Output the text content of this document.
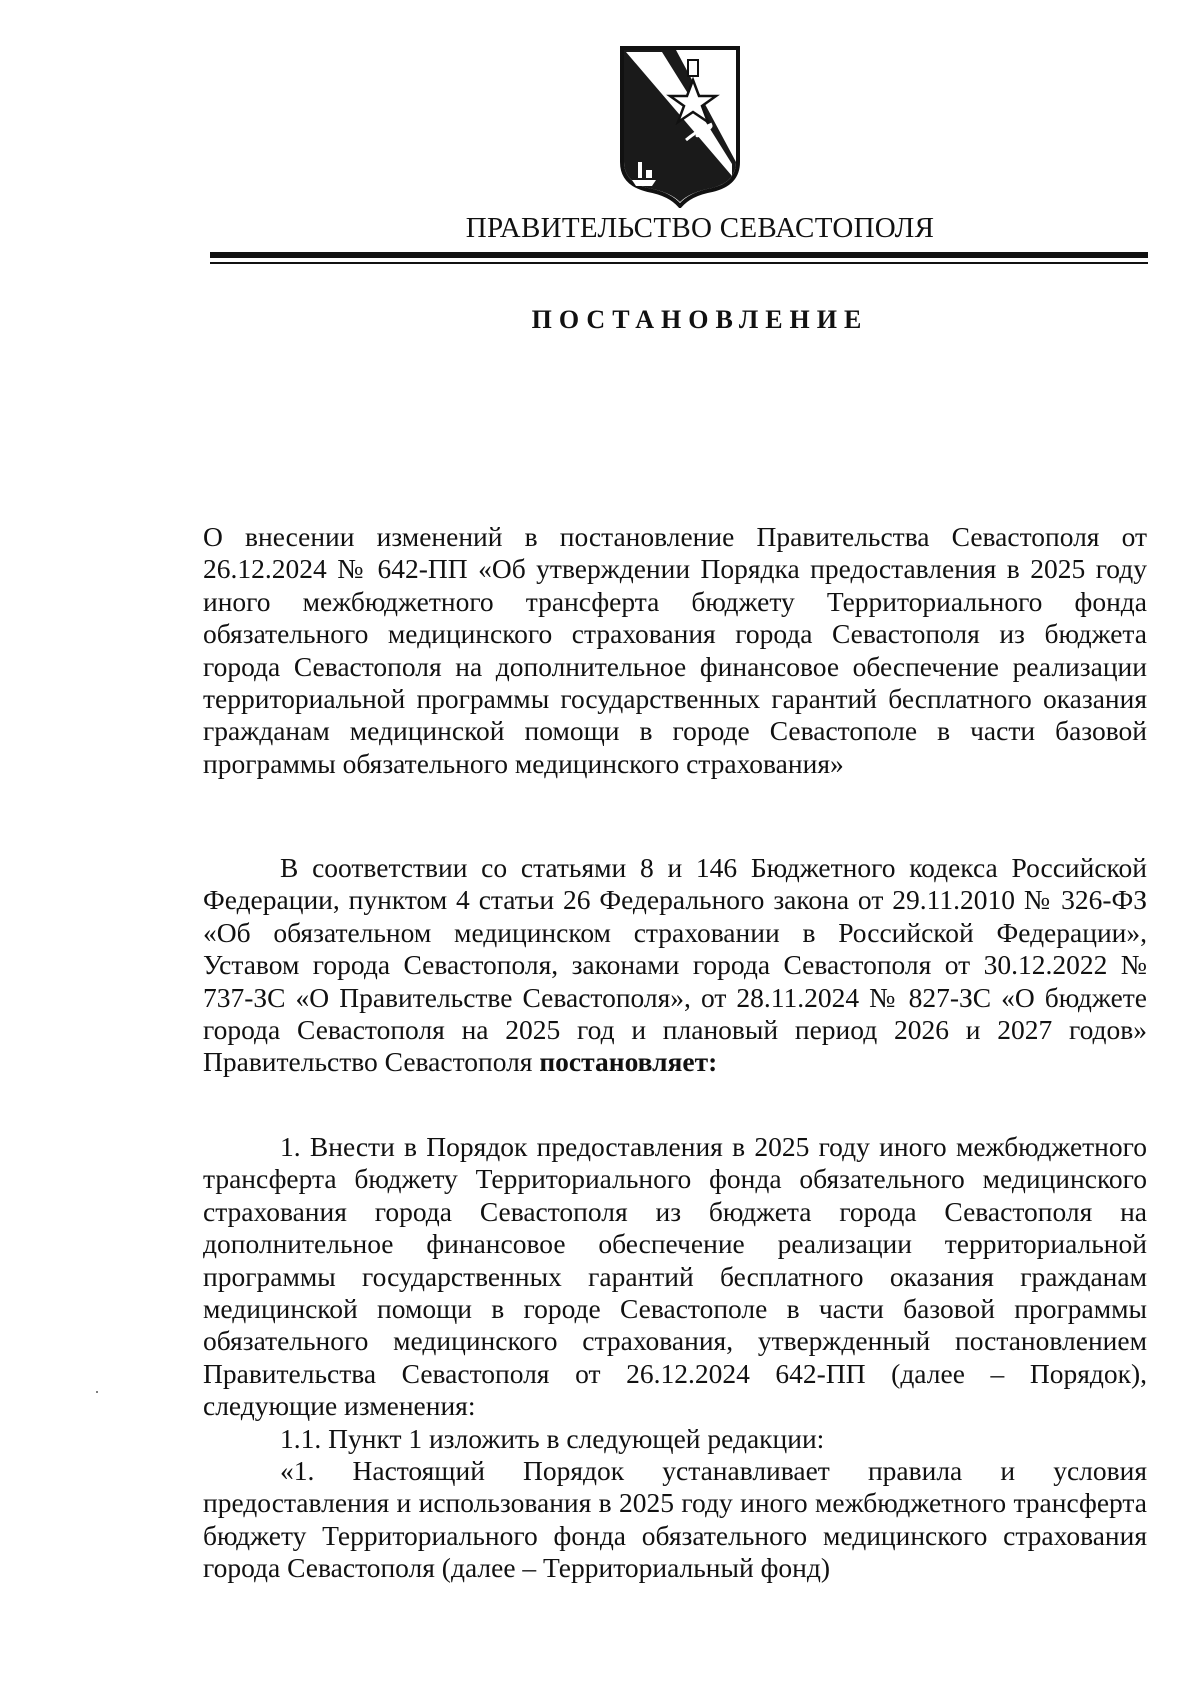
ПРАВИТЕЛЬСТВО СЕВАСТОПОЛЯ
ПОСТАНОВЛЕНИЕ

О внесении изменений в постановление Правительства Севастополя от 26.12.2024 № 642-ПП «Об утверждении Порядка предоставления в 2025 году иного межбюджетного трансферта бюджету Территориального фонда обязательного медицинского страхования города Севастополя из бюджета города Севастополя на дополнительное финансовое обеспечение реализации территориальной программы государственных гарантий бесплатного оказания гражданам медицинской помощи в городе Севастополе в части базовой программы обязательного медицинского страхования»

В соответствии со статьями 8 и 146 Бюджетного кодекса Российской Федерации, пунктом 4 статьи 26 Федерального закона от 29.11.2010 № 326-ФЗ «Об обязательном медицинском страховании в Российской Федерации», Уставом города Севастополя, законами города Севастополя от 30.12.2022 № 737-ЗС «О Правительстве Севастополя», от 28.11.2024 № 827-ЗС «О бюджете города Севастополя на 2025 год и плановый период 2026 и 2027 годов» Правительство Севастополя постановляет:

1. Внести в Порядок предоставления в 2025 году иного межбюджетного трансферта бюджету Территориального фонда обязательного медицинского страхования города Севастополя из бюджета города Севастополя на дополнительное финансовое обеспечение реализации территориальной программы государственных гарантий бесплатного оказания гражданам медицинской помощи в городе Севастополе в части базовой программы обязательного медицинского страхования, утвержденный постановлением Правительства Севастополя от 26.12.2024 642-ПП (далее – Порядок), следующие изменения:

1.1. Пункт 1 изложить в следующей редакции:

«1. Настоящий Порядок устанавливает правила и условия предоставления и использования в 2025 году иного межбюджетного трансферта бюджету Территориального фонда обязательного медицинского страхования города Севастополя (далее – Территориальный фонд)
